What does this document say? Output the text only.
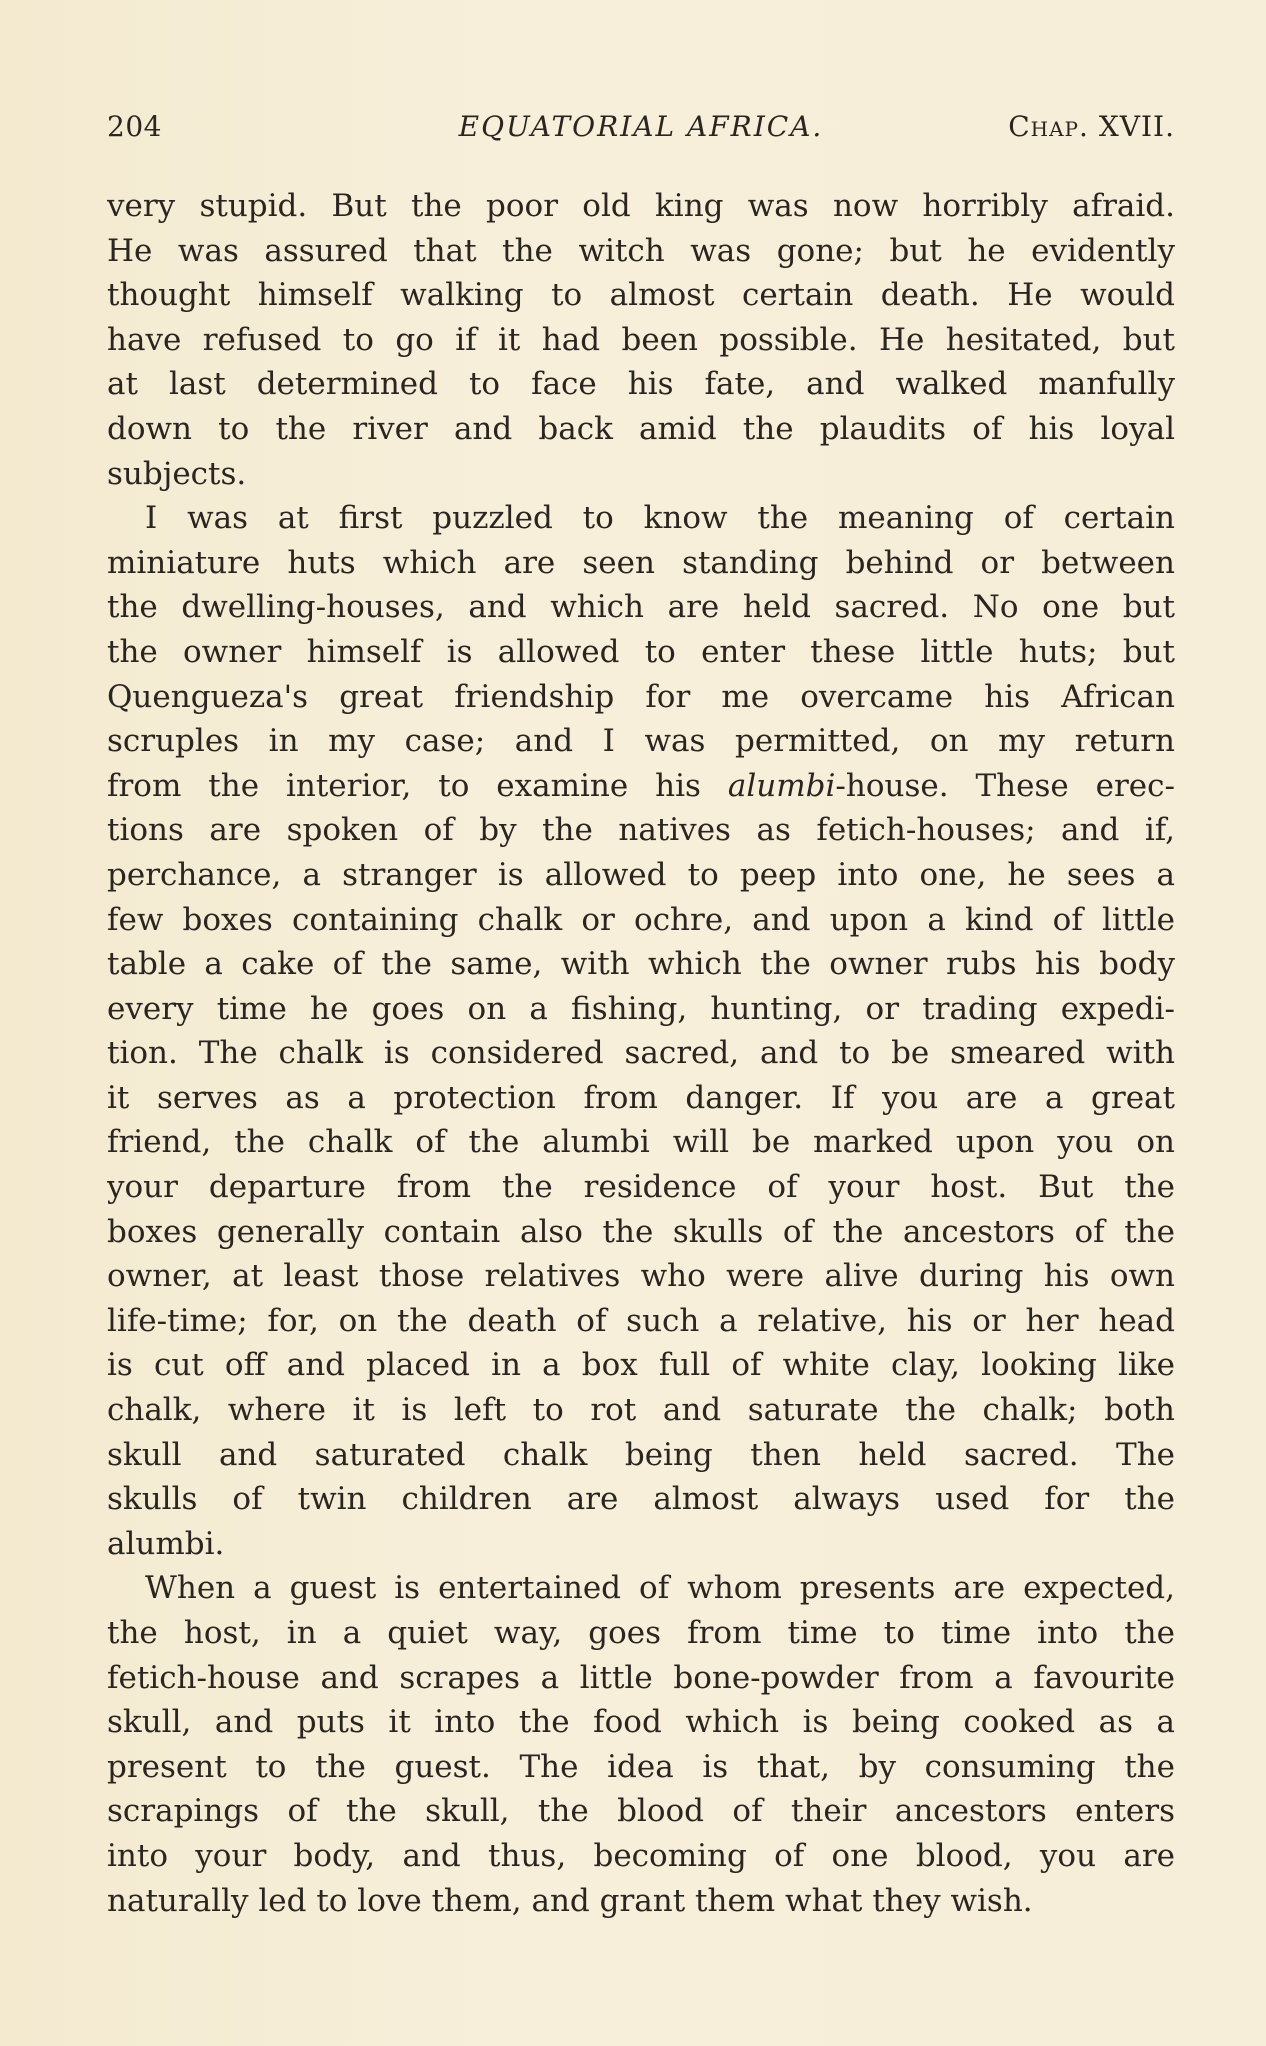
204	EQUATORIAL AFRICA.	Chap. XVII.
very stupid. But the poor old king was now horribly afraid.
He was assured that the witch was gone; but he evidently
thought himself walking to almost certain death. He would
have refused to go if it had been possible. He hesitated, but
at last determined to face his fate, and walked manfully
down to the river and back amid the plaudits of his loyal
subjects.
I was at first puzzled to know the meaning of certain
miniature huts which are seen standing behind or between
the dwelling-houses, and which are held sacred. No one but
the owner himself is allowed to enter these little huts; but
Quengueza's great friendship for me overcame his African
scruples in my case; and I was permitted, on my return
from the interior, to examine his alumbi-house. These erec-
tions are spoken of by the natives as fetich-houses; and if,
perchance, a stranger is allowed to peep into one, he sees a
few boxes containing chalk or ochre, and upon a kind of little
table a cake of the same, with which the owner rubs his body
every time he goes on a fishing, hunting, or trading expedi-
tion. The chalk is considered sacred, and to be smeared with
it serves as a protection from danger. If you are a great
friend, the chalk of the alumbi will be marked upon you on
your departure from the residence of your host. But the
boxes generally contain also the skulls of the ancestors of the
owner, at least those relatives who were alive during his own
life-time; for, on the death of such a relative, his or her head
is cut off and placed in a box full of white clay, looking like
chalk, where it is left to rot and saturate the chalk; both
skull and saturated chalk being then held sacred. The
skulls of twin children are almost always used for the
alumbi.
When a guest is entertained of whom presents are expected,
the host, in a quiet way, goes from time to time into the
fetich-house and scrapes a little bone-powder from a favourite
skull, and puts it into the food which is being cooked as a
present to the guest. The idea is that, by consuming the
scrapings of the skull, the blood of their ancestors enters
into your body, and thus, becoming of one blood, you are
naturally led to love them, and grant them what they wish.
